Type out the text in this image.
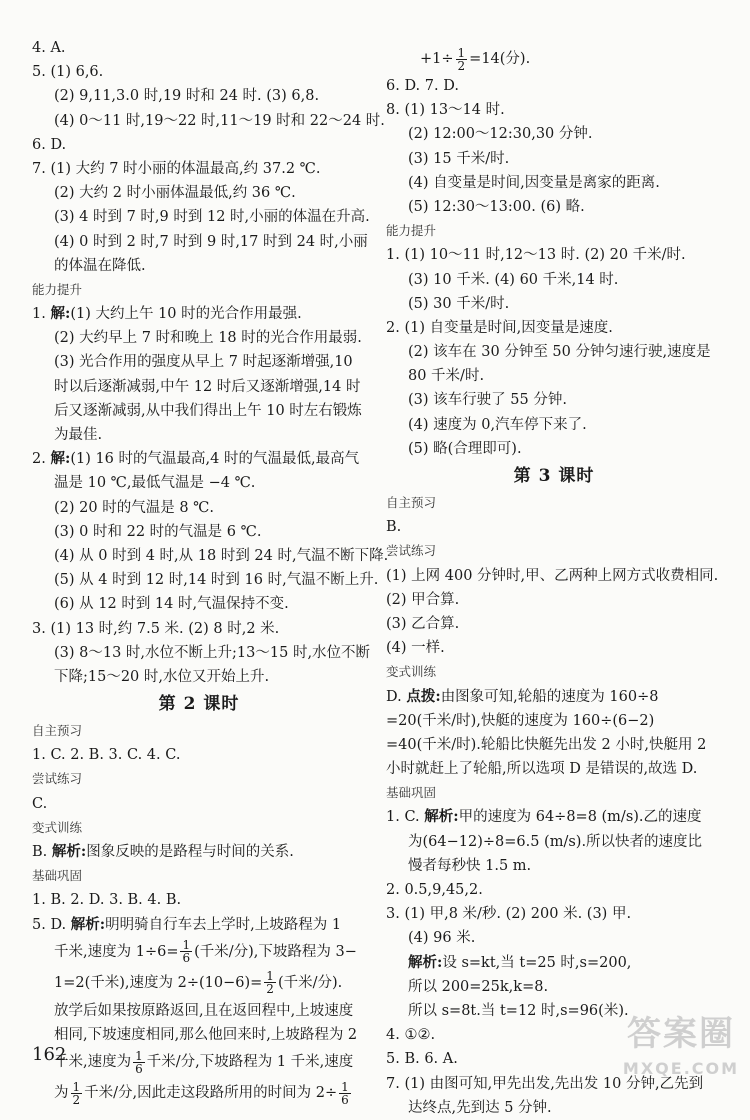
4. A.
5. (1) 6,6.
(2) 9,11,3.0 时,19 时和 24 时. (3) 6,8.
(4) 0～11 时,19～22 时,11～19 时和 22～24 时.
6. D.
7. (1) 大约 7 时小丽的体温最高,约 37.2 ℃.
(2) 大约 2 时小丽体温最低,约 36 ℃.
(3) 4 时到 7 时,9 时到 12 时,小丽的体温在升高.
(4) 0 时到 2 时,7 时到 9 时,17 时到 24 时,小丽
的体温在降低.
能力提升
1. 解:(1) 大约上午 10 时的光合作用最强.
(2) 大约早上 7 时和晚上 18 时的光合作用最弱.
(3) 光合作用的强度从早上 7 时起逐渐增强,10
时以后逐渐减弱,中午 12 时后又逐渐增强,14 时
后又逐渐减弱,从中我们得出上午 10 时左右锻炼
为最佳.
2. 解:(1) 16 时的气温最高,4 时的气温最低,最高气
温是 10 ℃,最低气温是 −4 ℃.
(2) 20 时的气温是 8 ℃.
(3) 0 时和 22 时的气温是 6 ℃.
(4) 从 0 时到 4 时,从 18 时到 24 时,气温不断下降.
(5) 从 4 时到 12 时,14 时到 16 时,气温不断上升.
(6) 从 12 时到 14 时,气温保持不变.
3. (1) 13 时,约 7.5 米. (2) 8 时,2 米.
(3) 8～13 时,水位不断上升;13～15 时,水位不断
下降;15～20 时,水位又开始上升.
第 2 课时
自主预习
1. C. 2. B. 3. C. 4. C.
尝试练习
C.
变式训练
B. 解析:图象反映的是路程与时间的关系.
基础巩固
1. B. 2. D. 3. B. 4. B.
5. D. 解析:明明骑自行车去上学时,上坡路程为 1
千米,速度为 $1\div 6= \frac{1}{6}$ (千米/分),下坡路程为 3−
1=2(千米),速度为 $2\div(10-6)= \frac{1}{2}$ (千米/分).
放学后如果按原路返回,且在返回程中,上坡速度
相同,下坡速度相同,那么他回来时,上坡路程为 2
千米,速度为 $\frac{1}{6}$ 千米/分,下坡路程为 1 千米,速度
为 $\frac{1}{2}$ 千米/分,因此走这段路所用的时间为 $2\div \frac{1}{6}$
$+1\div \frac{1}{2} =14$(分).
6. D. 7. D.
8. (1) 13～14 时.
(2) 12:00～12:30,30 分钟.
(3) 15 千米/时.
(4) 自变量是时间,因变量是离家的距离.
(5) 12:30～13:00. (6) 略.
能力提升
1. (1) 10～11 时,12～13 时. (2) 20 千米/时.
(3) 10 千米. (4) 60 千米,14 时.
(5) 30 千米/时.
2. (1) 自变量是时间,因变量是速度.
(2) 该车在 30 分钟至 50 分钟匀速行驶,速度是
80 千米/时.
(3) 该车行驶了 55 分钟.
(4) 速度为 0,汽车停下来了.
(5) 略(合理即可).
第 3 课时
自主预习
B.
尝试练习
(1) 上网 400 分钟时,甲、乙两种上网方式收费相同.
(2) 甲合算.
(3) 乙合算.
(4) 一样.
变式训练
D. 点拨:由图象可知,轮船的速度为 160÷8
=20(千米/时),快艇的速度为 160÷(6−2)
=40(千米/时).轮船比快艇先出发 2 小时,快艇用 2
小时就赶上了轮船,所以选项 D 是错误的,故选 D.
基础巩固
1. C. 解析:甲的速度为 64÷8=8 (m/s).乙的速度
为(64−12)÷8=6.5 (m/s).所以快者的速度比
慢者每秒快 1.5 m.
2. 0.5,9,45,2.
3. (1) 甲,8 米/秒. (2) 200 米. (3) 甲.
(4) 96 米.
解析:设 s=kt,当 t=25 时,s=200,
所以 200=25k,k=8.
所以 s=8t.当 t=12 时,s=96(米).
4. ①②.
5. B. 6. A.
7. (1) 由图可知,甲先出发,先出发 10 分钟,乙先到
达终点,先到达 5 分钟.
162
答案圈
MXQE.COM
